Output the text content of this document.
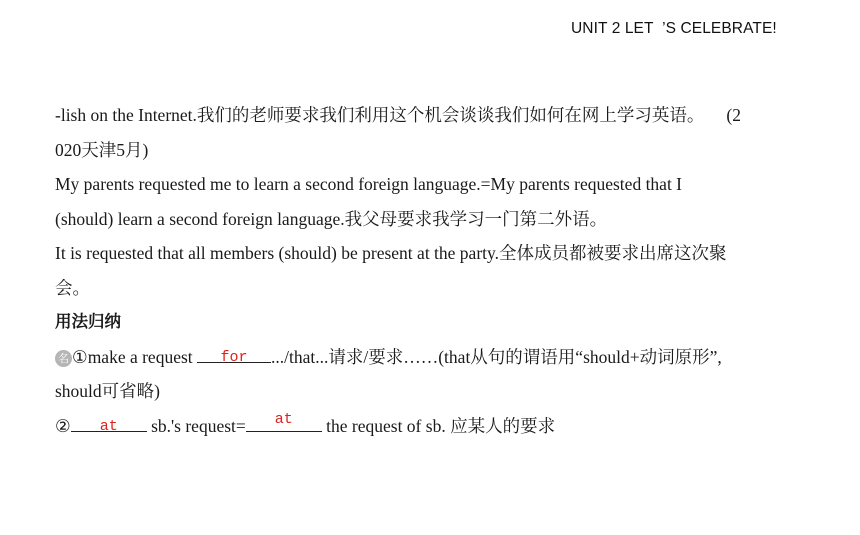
UNIT 2 LET  ’S CELEBRATE!
-lish on the Internet.我们的老师要求我们利用这个机会谈谈我们如何在网上学习英语。 (2
020天津5月)
My parents requested me to learn a second foreign language.=My parents requested that I
(should) learn a second foreign language.我父母要求我学习一门第二外语。
It is requested that all members (should) be present at the party.全体成员都被要求出席这次聚
会。
用法归纳
名 ①make a request	for	.../that...请求/要求……(that从句的谓语用“should+动词原形”,
should可省略)
②	at	sb.'s request=	at	the request of sb. 应某人的要求
